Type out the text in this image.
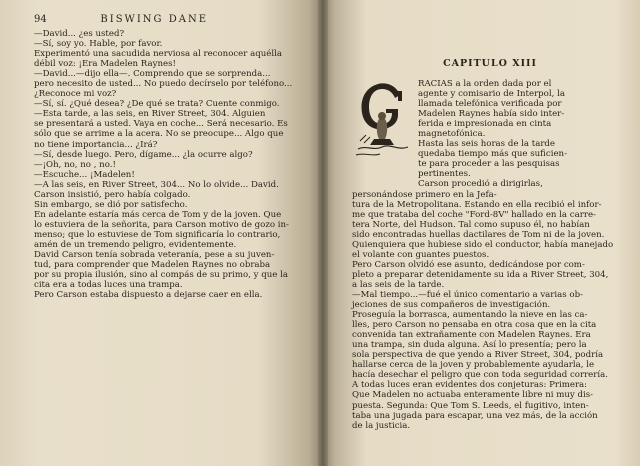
94	BISWING DANE

—David... ¿es usted?

—Sí, soy yo. Hable, por favor.

Experimentó una sacudida nerviosa al reconocer aquélla

débil voz: ¡Era Madelen Raynes!

—David...—dijo ella—. Comprendo que se sorprenda...

pero necesito de usted... No puedo decírselo por teléfono...

¿Reconoce mi voz?

—Sí, sí. ¿Qué desea? ¿De qué se trata? Cuente conmigo.

—Esta tarde, a las seis, en River Street, 304. Alguien

se presentará a usted. Vaya en coche... Será necesario. Es

sólo que se arrime a la acera. No se preocupe... Algo que

no tiene importancia... ¿Irá?

—Sí, desde luego. Pero, dígame... ¿la ocurre algo?

—¡Oh, no, no , no.!

—Escuche... ¡Madelen!

—A las seis, en River Street, 304... No lo olvide... David.

Carson insistió, pero había colgado.

Sin embargo, se dió por satisfecho.

En adelante estaría más cerca de Tom y de la joven. Que

lo estuviera de la señorita, para Carson motivo de gozo in-

menso; que lo estuviese de Tom significaría lo contrario,

amén de un tremendo peligro, evidentemente.

David Carson tenía sobrada veteranía, pese a su juven-

tud, para comprender que Madelen Raynes no obraba

por su propia ilusión, sino al compás de su primo, y que la

cita era a todas luces una trampa.

Pero Carson estaba dispuesto a dejarse caer en ella.

CAPITULO XIII

RACIAS a la orden dada por el

agente y comisario de Interpol, la

llamada telefónica verificada por

Madelen Raynes había sido inter-

ferida e impresionada en cinta

magnetofónica.

Hasta las seis horas de la tarde

quedaba tiempo más que suficien-

te para proceder a las pesquisas

pertinentes.

Carson procedió a dirigirlas,

personándose primero en la Jefa-

tura de la Metropolitana. Estando en ella recibió el infor-

me que trataba del coche "Ford-8V" hallado en la carre-

tera Norte, del Hudson. Tal como supuso él, no habían

sido encontradas huellas dactilares de Tom ni de la joven.

Quienquiera que hubiese sido el conductor, había manejado

el volante con guantes puestos.

Pero Carson olvidó ese asunto, dedicándose por com-

pleto a preparar detenidamente su ida a River Street, 304,

a las seis de la tarde.

—Mal tiempo...—fué el único comentario a varias ob-

jeciones de sus compañeros de investigación.

Proseguía la borrasca, aumentando la nieve en las ca-

lles, pero Carson no pensaba en otra cosa que en la cita

convenida tan extrañamente con Madelen Raynes. Era

una trampa, sin duda alguna. Así lo presentía; pero la

sola perspectiva de que yendo a River Street, 304, podría

hallarse cerca de la joven y probablemente ayudarla, le

hacía desechar el peligro que con toda seguridad correría.

A todas luces eran evidentes dos conjeturas: Primera:

Que Madelen no actuaba enteramente libre ni muy dis-

puesta. Segunda: Que Tom S. Leeds, el fugitivo, inten-

taba una jugada para escapar, una vez más, de la acción

de la justicia.
